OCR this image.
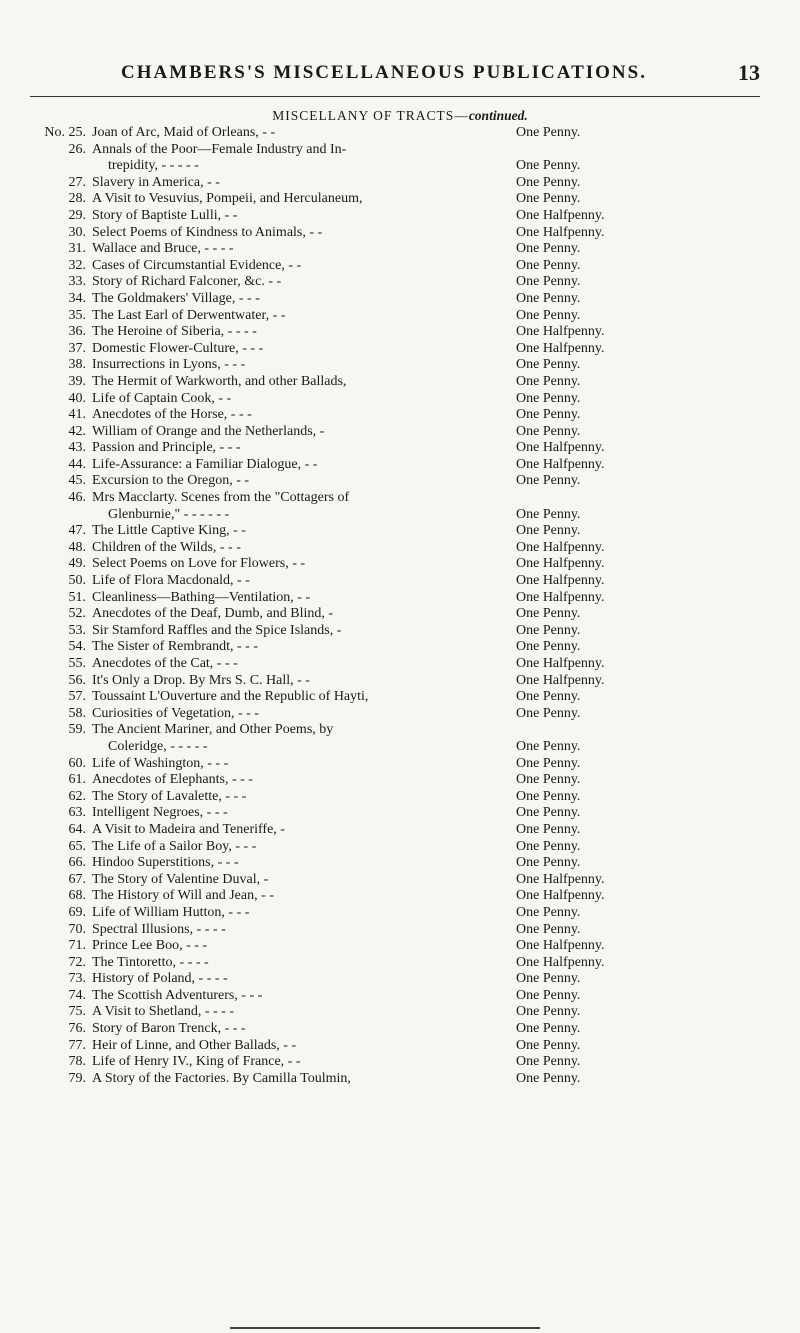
CHAMBERS'S MISCELLANEOUS PUBLICATIONS.	13
MISCELLANY OF TRACTS—continued.
No. 25. Joan of Arc, Maid of Orleans, - -	One Penny.
26. Annals of the Poor—Female Industry and In-
trepidity, - - - - -	One Penny.
27. Slavery in America, - -	One Penny.
28. A Visit to Vesuvius, Pompeii, and Herculaneum,	One Penny.
29. Story of Baptiste Lulli, - -	One Halfpenny.
30. Select Poems of Kindness to Animals, - -	One Halfpenny.
31. Wallace and Bruce, - - - -	One Penny.
32. Cases of Circumstantial Evidence, - -	One Penny.
33. Story of Richard Falconer, &c. - -	One Penny.
34. The Goldmakers' Village, - - -	One Penny.
35. The Last Earl of Derwentwater, - -	One Penny.
36. The Heroine of Siberia, - - - -	One Halfpenny.
37. Domestic Flower-Culture, - - -	One Halfpenny.
38. Insurrections in Lyons, - - -	One Penny.
39. The Hermit of Warkworth, and other Ballads,	One Penny.
40. Life of Captain Cook, - -	One Penny.
41. Anecdotes of the Horse, - - -	One Penny.
42. William of Orange and the Netherlands, -	One Penny.
43. Passion and Principle, - - -	One Halfpenny.
44. Life-Assurance: a Familiar Dialogue, - -	One Halfpenny.
45. Excursion to the Oregon, - -	One Penny.
46. Mrs Macclarty. Scenes from the "Cottagers of
Glenburnie," - - - - - -	One Penny.
47. The Little Captive King, - -	One Penny.
48. Children of the Wilds, - - -	One Halfpenny.
49. Select Poems on Love for Flowers, - -	One Halfpenny.
50. Life of Flora Macdonald, - -	One Halfpenny.
51. Cleanliness—Bathing—Ventilation, - -	One Halfpenny.
52. Anecdotes of the Deaf, Dumb, and Blind, -	One Penny.
53. Sir Stamford Raffles and the Spice Islands, -	One Penny.
54. The Sister of Rembrandt, - - -	One Penny.
55. Anecdotes of the Cat, - - -	One Halfpenny.
56. It's Only a Drop. By Mrs S. C. Hall, - -	One Halfpenny.
57. Toussaint L'Ouverture and the Republic of Hayti,	One Penny.
58. Curiosities of Vegetation, - - -	One Penny.
59. The Ancient Mariner, and Other Poems, by
Coleridge, - - - - -	One Penny.
60. Life of Washington, - - -	One Penny.
61. Anecdotes of Elephants, - - -	One Penny.
62. The Story of Lavalette, - - -	One Penny.
63. Intelligent Negroes, - - -	One Penny.
64. A Visit to Madeira and Teneriffe, -	One Penny.
65. The Life of a Sailor Boy, - - -	One Penny.
66. Hindoo Superstitions, - - -	One Penny.
67. The Story of Valentine Duval, -	One Halfpenny.
68. The History of Will and Jean, - -	One Halfpenny.
69. Life of William Hutton, - - -	One Penny.
70. Spectral Illusions, - - - -	One Penny.
71. Prince Lee Boo, - - -	One Halfpenny.
72. The Tintoretto, - - - -	One Halfpenny.
73. History of Poland, - - - -	One Penny.
74. The Scottish Adventurers, - - -	One Penny.
75. A Visit to Shetland, - - - -	One Penny.
76. Story of Baron Trenck, - - -	One Penny.
77. Heir of Linne, and Other Ballads, - -	One Penny.
78. Life of Henry IV., King of France, - -	One Penny.
79. A Story of the Factories. By Camilla Toulmin,	One Penny.
